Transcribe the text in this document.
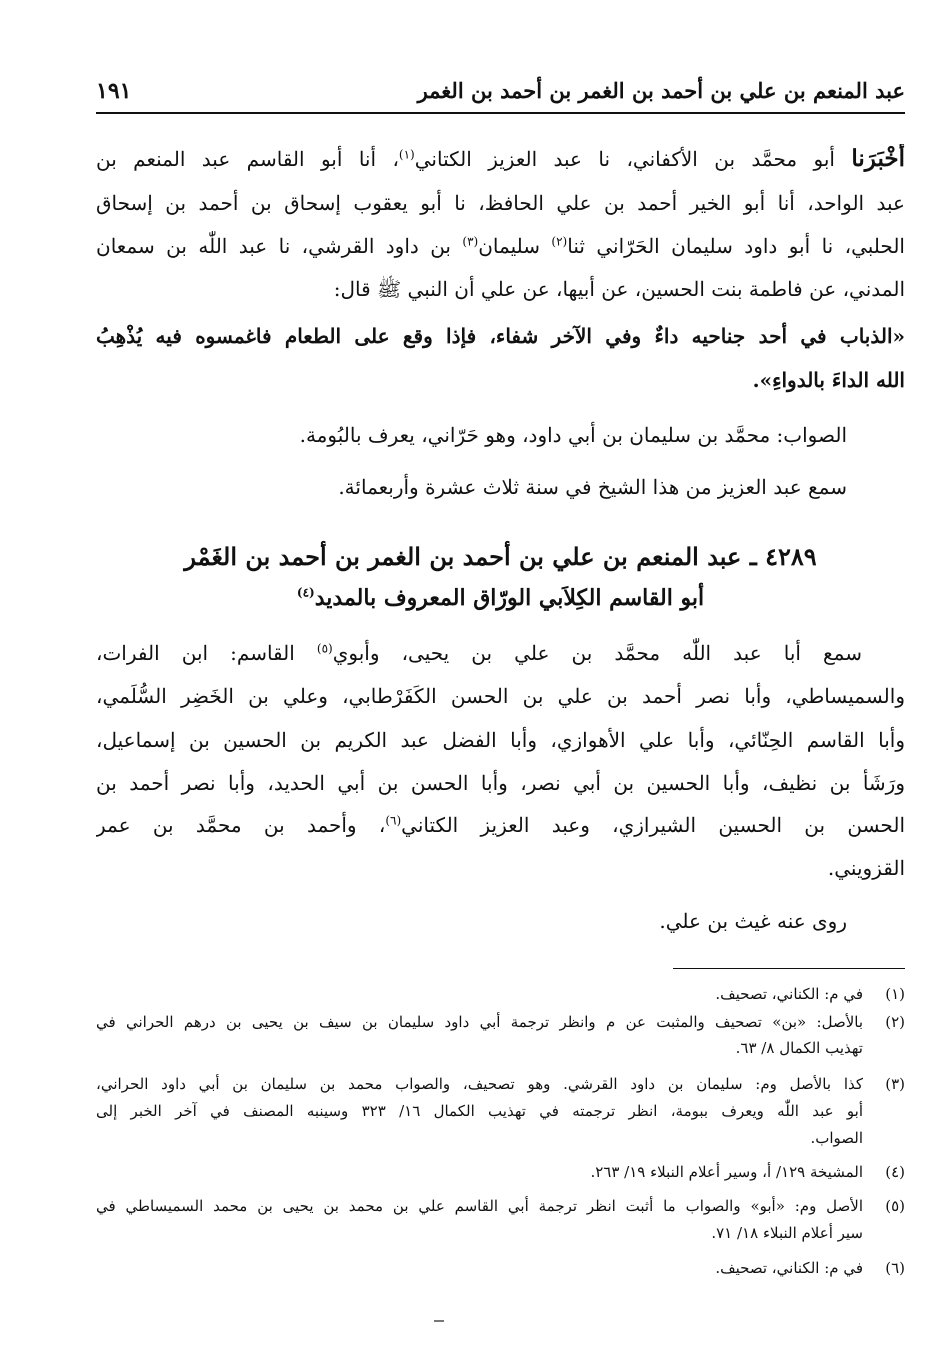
عبد المنعم بن علي بن أحمد بن الغمر بن أحمد بن الغمر
١٩١
أَخْبَرَنا أبو محمَّد بن الأكفاني، نا عبد العزيز الكتاني$^{(١)}$، أنا أبو القاسم عبد المنعم بن
عبد الواحد، أنا أبو الخير أحمد بن علي الحافظ، نا أبو يعقوب إسحاق بن أحمد بن إسحاق
الحلبي، نا أبو داود سليمان الحَرّاني ثنا$^{(٢)}$ سليمان$^{(٣)}$ بن داود القرشي، نا عبد اللّٰه بن سمعان
المدني، عن فاطمة بنت الحسين، عن أبيها، عن علي أن النبي ﷺ قال:
«الذباب في أحد جناحيه داءٌ وفي الآخر شفاء، فإذا وقع على الطعام فاغمسوه فيه يُذْهِبُ
الله الداءَ بالدواءِ».
الصواب: محمَّد بن سليمان بن أبي داود، وهو حَرّاني، يعرف بالبُومة.
سمع عبد العزيز من هذا الشيخ في سنة ثلاث عشرة وأربعمائة.
٤٢٨٩ ـ عبد المنعم بن علي بن أحمد بن الغمر بن أحمد بن الغَمْر
أبو القاسم الكِلاَبي الورّاق المعروف بالمديد$^{(٤)}$
سمع أبا عبد اللّٰه محمَّد بن علي بن يحيى، وأبوي$^{(٥)}$ القاسم: ابن الفرات،
والسميساطي، وأبا نصر أحمد بن علي بن الحسن الكَفَرْطابي، وعلي بن الخَضِر السُّلَمي،
وأبا القاسم الحِنّائي، وأبا علي الأهوازي، وأبا الفضل عبد الكريم بن الحسين بن إسماعيل،
ورَشَأ بن نظيف، وأبا الحسين بن أبي نصر، وأبا الحسن بن أبي الحديد، وأبا نصر أحمد بن
الحسن بن الحسين الشيرازي، وعبد العزيز الكتاني$^{(٦)}$، وأحمد بن محمَّد بن عمر
القزويني.
روى عنه غيث بن علي.
(١)
في م: الكناني، تصحيف.
(٢)
بالأصل: «بن» تصحيف والمثبت عن م وانظر ترجمة أبي داود سليمان بن سيف بن يحيى بن درهم الحراني في
تهذيب الكمال ٨/ ٦٣.
(٣)
كذا بالأصل وم: سليمان بن داود القرشي. وهو تصحيف، والصواب محمد بن سليمان بن أبي داود الحراني،
أبو عبد اللّٰه ويعرف ببومة، انظر ترجمته في تهذيب الكمال ١٦/ ٣٢٣ وسينبه المصنف في آخر الخبر إلى
الصواب.
(٤)
المشيخة ١٢٩/ أ، وسير أعلام النبلاء ١٩/ ٢٦٣.
(٥)
الأصل وم: «أبو» والصواب ما أثبت انظر ترجمة أبي القاسم علي بن محمد بن يحيى بن محمد السميساطي في
سير أعلام النبلاء ١٨/ ٧١.
(٦)
في م: الكناني، تصحيف.
